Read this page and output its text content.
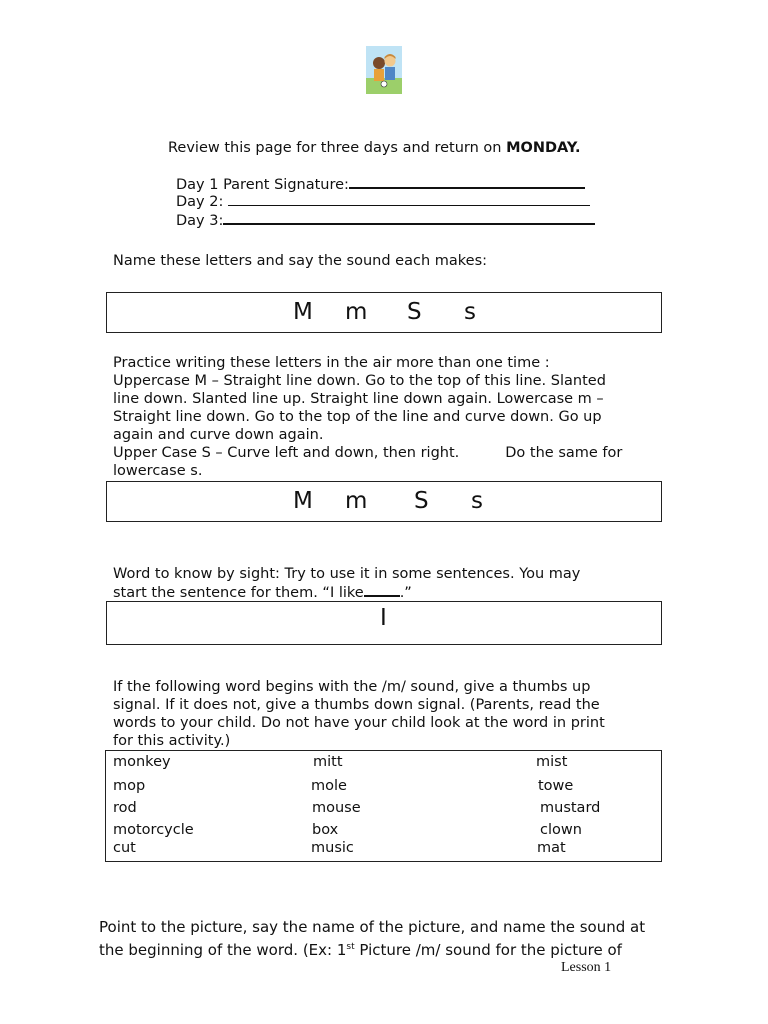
Review this page for three days and return on MONDAY.
Day 1 Parent Signature:
Day 2:
Day 3:
Name these letters and say the sound each makes:
M m S s
Practice writing these letters in the air more than one time :
Uppercase M – Straight line down. Go to the top of this line. Slanted
line down. Slanted line up. Straight line down again. Lowercase m –
Straight line down. Go to the top of the line and curve down. Go up
again and curve down again.
Upper Case S – Curve left and down, then right.	Do the same for
lowercase s.
M m S s
Word to know by sight: Try to use it in some sentences. You may
start the sentence for them. “I like .”
I
If the following word begins with the /m/ sound, give a thumbs up
signal. If it does not, give a thumbs down signal. (Parents, read the
words to your child. Do not have your child look at the word in print
for this activity.)
monkey	mitt	mist
mop	mole	towe
rod	mouse	mustard
motorcycle	box	clown
cut	music	mat
Point to the picture, say the name of the picture, and name the sound at
the beginning of the word. (Ex: 1st Picture /m/ sound for the picture of
Lesson 1
